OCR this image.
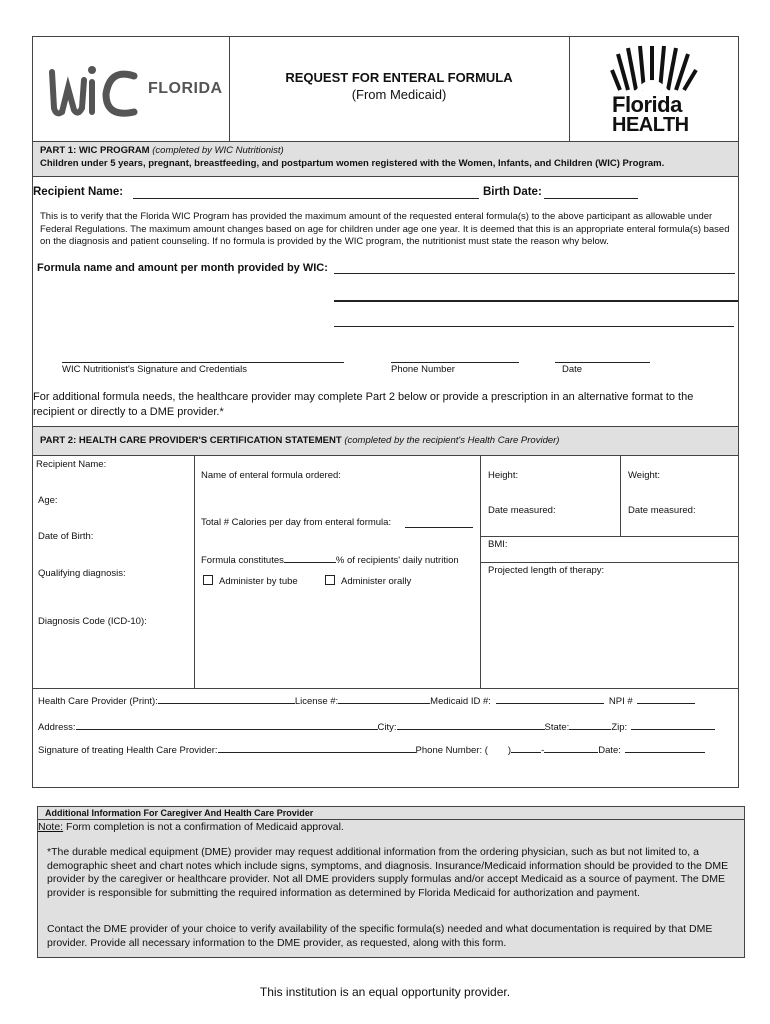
FLORIDA
REQUEST FOR ENTERAL FORMULA
(From Medicaid)	Florida
HEALTH
PART 1: WIC PROGRAM (completed by WIC Nutritionist)
Children under 5 years, pregnant, breastfeeding, and postpartum women registered with the Women, Infants, and Children (WIC) Program.
Recipient Name:	Birth Date:
This is to verify that the Florida WIC Program has provided the maximum amount of the requested enteral formula(s) to the above participant as allowable under Federal Regulations. The maximum amount changes based on age for children under age one year. It is deemed that this is an appropriate enteral formula(s) based on the diagnosis and patient counseling. If no formula is provided by the WIC program, the nutritionist must state the reason why below.
Formula name and amount per month provided by WIC:
WIC Nutritionist's Signature and Credentials	Phone Number	Date
For additional formula needs, the healthcare provider may complete Part 2 below or provide a prescription in an alternative format to the recipient or directly to a DME provider.*
PART 2: HEALTH CARE PROVIDER'S CERTIFICATION STATEMENT (completed by the recipient's Health Care Provider)
Recipient Name:
Age:
Date of Birth:
Qualifying diagnosis:
Diagnosis Code (ICD-10):
Name of enteral formula ordered:
Total # Calories per day from enteral formula:
Formula constitutes	% of recipients' daily nutrition
Administer by tube	Administer orally
Height:	Weight:
Date measured:	Date measured:
BMI:
Projected length of therapy:
Health Care Provider (Print):	License #:	Medicaid ID #:	NPI #
Address:	City:	State:	Zip:
Signature of treating Health Care Provider:	Phone Number: ( )	-	Date:
Additional Information For Caregiver And Health Care Provider
Note: Form completion is not a confirmation of Medicaid approval.
*The durable medical equipment (DME) provider may request additional information from the ordering physician, such as but not limited to, a demographic sheet and chart notes which include signs, symptoms, and diagnosis. Insurance/Medicaid information should be provided to the DME provider by the caregiver or healthcare provider. Not all DME providers supply formulas and/or accept Medicaid as a source of payment. The DME provider is responsible for submitting the required information as determined by Florida Medicaid for authorization and payment.
Contact the DME provider of your choice to verify availability of the specific formula(s) needed and what documentation is required by that DME provider. Provide all necessary information to the DME provider, as requested, along with this form.
This institution is an equal opportunity provider.
